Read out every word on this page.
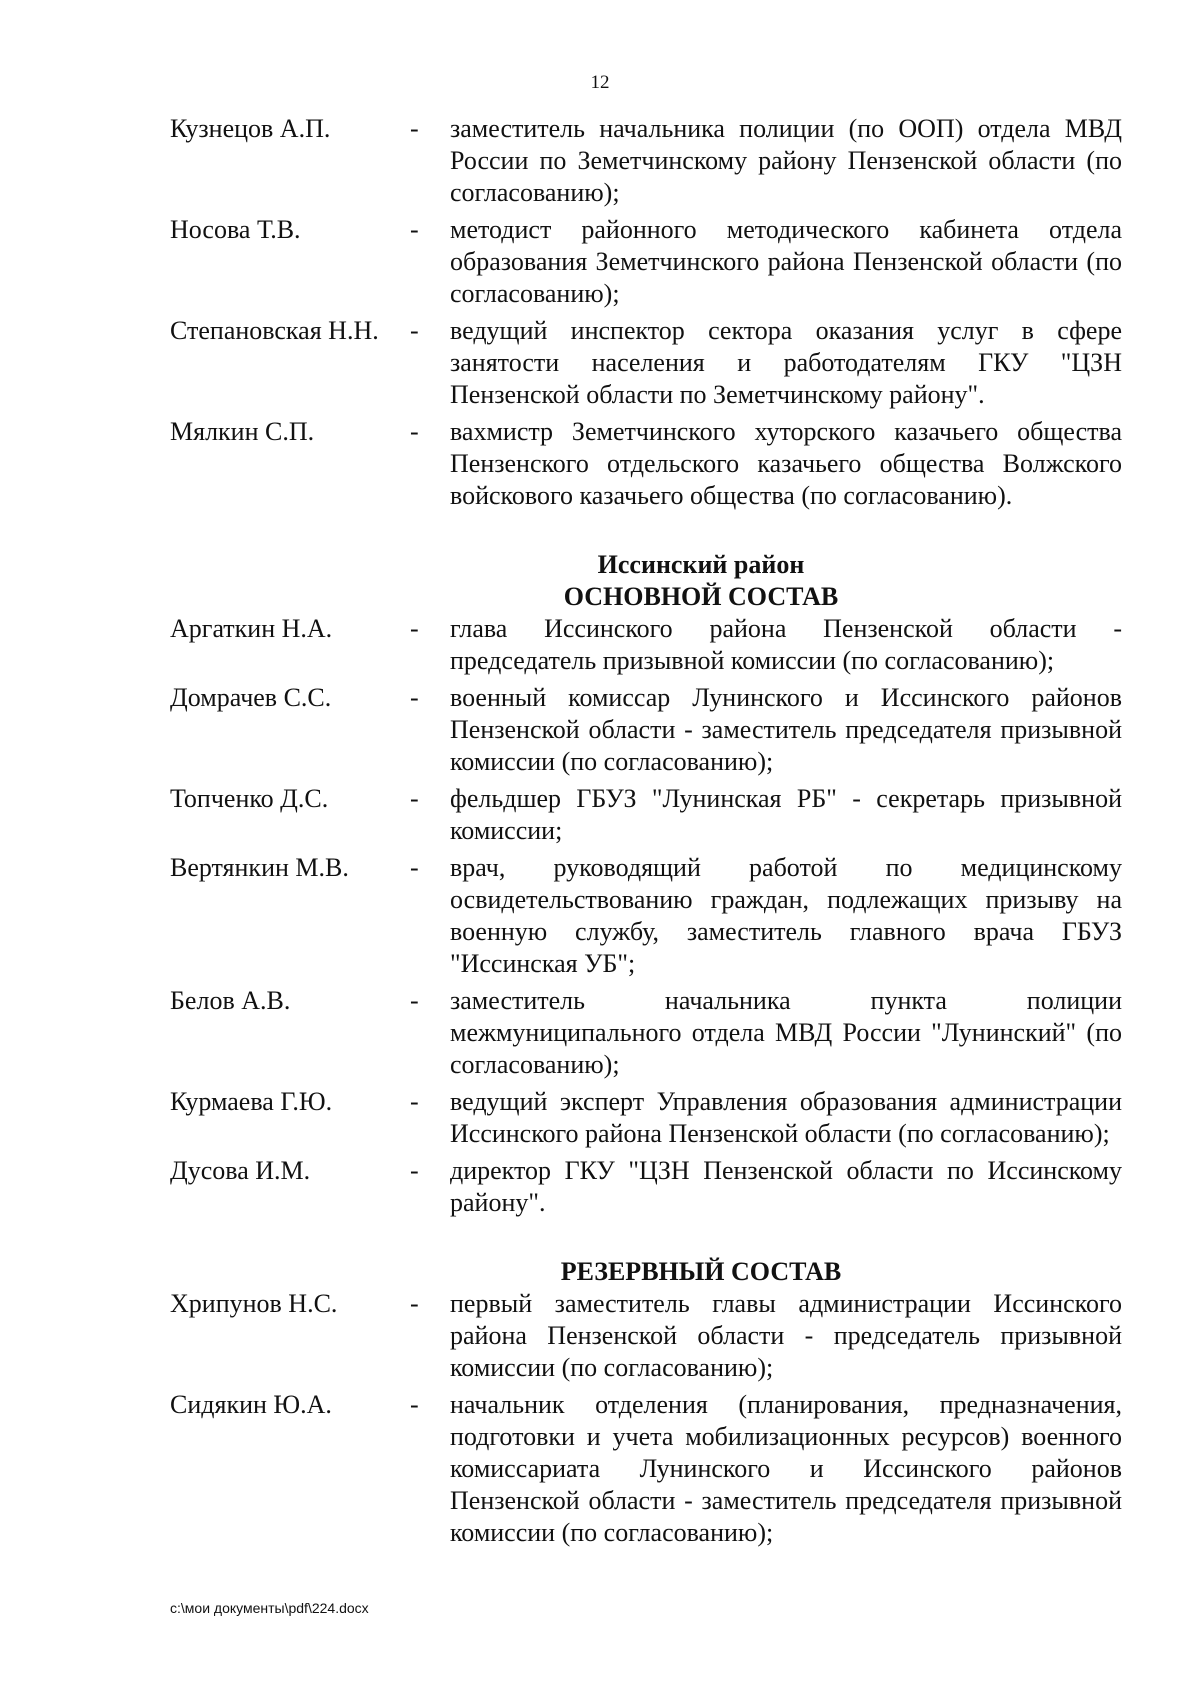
12
Кузнецов А.П.	-	заместитель начальника полиции (по ООП) отдела МВД России по Земетчинскому району Пензенской области (по согласованию);
Носова Т.В.	-	методист районного методического кабинета отдела образования Земетчинского района Пензенской области (по согласованию);
Степановская Н.Н.	-	ведущий инспектор сектора оказания услуг в сфере занятости населения и работодателям ГКУ "ЦЗН Пензенской области по Земетчинскому району".
Мялкин С.П.	-	вахмистр Земетчинского хуторского казачьего общества Пензенского отдельского казачьего общества Волжского войскового казачьего общества (по согласованию).
Иссинский район
ОСНОВНОЙ СОСТАВ
Аргаткин Н.А.	-	глава Иссинского района Пензенской области - председатель призывной комиссии (по согласованию);
Домрачев С.С.	-	военный комиссар Лунинского и Иссинского районов Пензенской области - заместитель председателя призывной комиссии (по согласованию);
Топченко Д.С.	-	фельдшер ГБУЗ "Лунинская РБ" - секретарь призывной комиссии;
Вертянкин М.В.	-	врач, руководящий работой по медицинскому освидетельствованию граждан, подлежащих призыву на военную службу, заместитель главного врача ГБУЗ "Иссинская УБ";
Белов А.В.	-	заместитель начальника пункта полиции межмуниципального отдела МВД России "Лунинский" (по согласованию);
Курмаева Г.Ю.	-	ведущий эксперт Управления образования администрации Иссинского района Пензенской области (по согласованию);
Дусова И.М.	-	директор ГКУ "ЦЗН Пензенской области по Иссинскому району".
РЕЗЕРВНЫЙ СОСТАВ
Хрипунов Н.С.	-	первый заместитель главы администрации Иссинского района Пензенской области - председатель призывной комиссии (по согласованию);
Сидякин Ю.А.	-	начальник отделения (планирования, предназначения, подготовки и учета мобилизационных ресурсов) военного комиссариата Лунинского и Иссинского районов Пензенской области - заместитель председателя призывной комиссии (по согласованию);
c:\мои документы\pdf\224.docx
